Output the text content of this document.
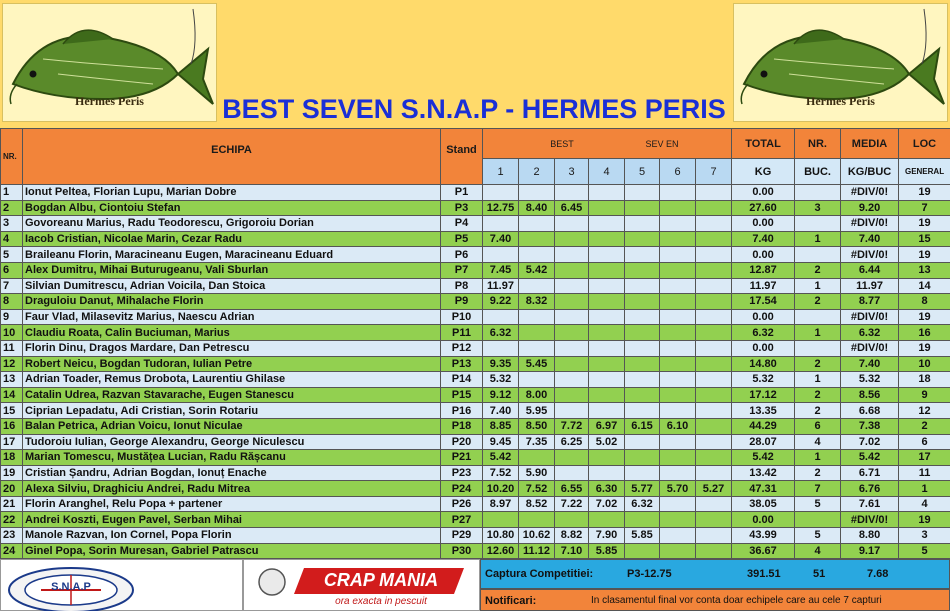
Hermes Peris	BEST SEVEN S.N.A.P - HERMES PERIS	Hermes Peris
NR.	ECHIPA	Stand	BEST SEV EN							TOTAL	NR.	MEDIA	LOC
			1	2	3	4	5	6	7	KG	BUC.	KG/BUC	GENERAL
1	Ionut Peltea, Florian Lupu, Marian Dobre	P1								0.00		#DIV/0!	19
2	Bogdan Albu, Ciontoiu Stefan	P3	12.75	8.40	6.45					27.60	3	9.20	7
3	Govoreanu Marius, Radu Teodorescu, Grigoroiu Dorian	P4								0.00		#DIV/0!	19
4	Iacob Cristian, Nicolae Marin, Cezar Radu	P5	7.40							7.40	1	7.40	15
5	Braileanu Florin, Maracineanu Eugen, Maracineanu Eduard	P6								0.00		#DIV/0!	19
6	Alex Dumitru, Mihai Buturugeanu, Vali Sburlan	P7	7.45	5.42						12.87	2	6.44	13
7	Silvian Dumitrescu, Adrian Voicila, Dan Stoica	P8	11.97							11.97	1	11.97	14
8	Draguloiu Danut, Mihalache Florin	P9	9.22	8.32						17.54	2	8.77	8
9	Faur Vlad, Milasevitz Marius, Naescu Adrian	P10								0.00		#DIV/0!	19
10	Claudiu Roata, Calin Buciuman, Marius	P11	6.32							6.32	1	6.32	16
11	Florin Dinu, Dragos Mardare, Dan Petrescu	P12								0.00		#DIV/0!	19
12	Robert Neicu, Bogdan Tudoran, Iulian Petre	P13	9.35	5.45						14.80	2	7.40	10
13	Adrian Toader, Remus Drobota, Laurentiu Ghilase	P14	5.32							5.32	1	5.32	18
14	Catalin Udrea, Razvan Stavarache, Eugen Stanescu	P15	9.12	8.00						17.12	2	8.56	9
15	Ciprian Lepadatu, Adi Cristian, Sorin Rotariu	P16	7.40	5.95						13.35	2	6.68	12
16	Balan Petrica, Adrian Voicu, Ionut Niculae	P18	8.85	8.50	7.72	6.97	6.15	6.10		44.29	6	7.38	2
17	Tudoroiu Iulian, George Alexandru, George Niculescu	P20	9.45	7.35	6.25	5.02				28.07	4	7.02	6
18	Marian Tomescu, Mustățea Lucian, Radu Rășcanu	P21	5.42							5.42	1	5.42	17
19	Cristian Șandru, Adrian Bogdan, Ionuț Enache	P23	7.52	5.90						13.42	2	6.71	11
20	Alexa Silviu, Draghiciu Andrei, Radu Mitrea	P24	10.20	7.52	6.55	6.30	5.77	5.70	5.27	47.31	7	6.76	1
21	Florin Aranghel, Relu Popa + partener	P26	8.97	8.52	7.22	7.02	6.32			38.05	5	7.61	4
22	Andrei Koszti, Eugen Pavel, Serban Mihai	P27								0.00		#DIV/0!	19
23	Manole Razvan, Ion Cornel, Popa Florin	P29	10.80	10.62	8.82	7.90	5.85			43.99	5	8.80	3
24	Ginel Popa, Sorin Muresan, Gabriel Patrascu	P30	12.60	11.12	7.10	5.85				36.67	4	9.17	5
S.N.A.P	CRAP MANIA
ora exacta in pescuit
Captura Competitiei:	P3-12.75	391.51	51	7.68
Notificari:	In clasamentul final vor conta doar echipele care au cele 7 capturi
